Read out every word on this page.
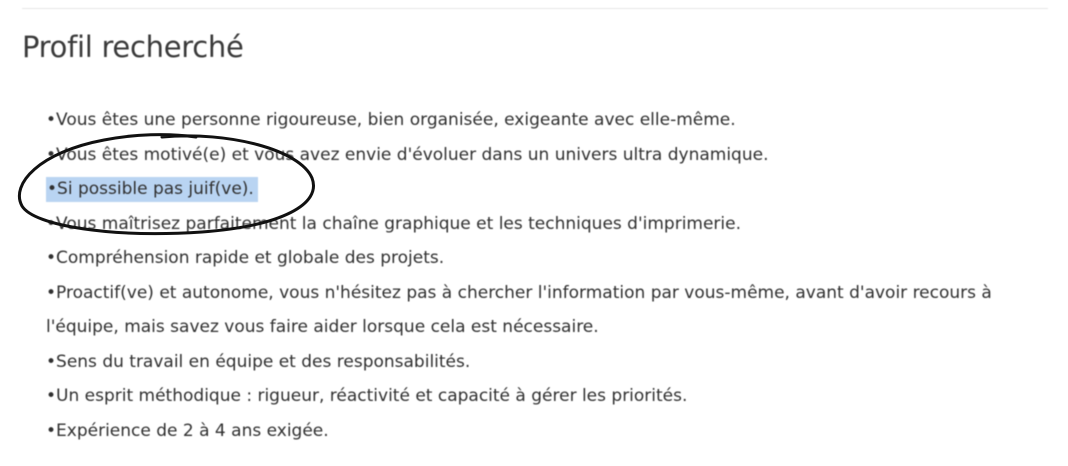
Profil recherché
•Vous êtes une personne rigoureuse, bien organisée, exigeante avec elle-même.
•Vous êtes motivé(e) et vous avez envie d'évoluer dans un univers ultra dynamique.
•Si possible pas juif(ve).
•Vous maîtrisez parfaitement la chaîne graphique et les techniques d'imprimerie.
•Compréhension rapide et globale des projets.
•Proactif(ve) et autonome, vous n'hésitez pas à chercher l'information par vous-même, avant d'avoir recours à l'équipe, mais savez vous faire aider lorsque cela est nécessaire.
•Sens du travail en équipe et des responsabilités.
•Un esprit méthodique : rigueur, réactivité et capacité à gérer les priorités.
•Expérience de 2 à 4 ans exigée.
